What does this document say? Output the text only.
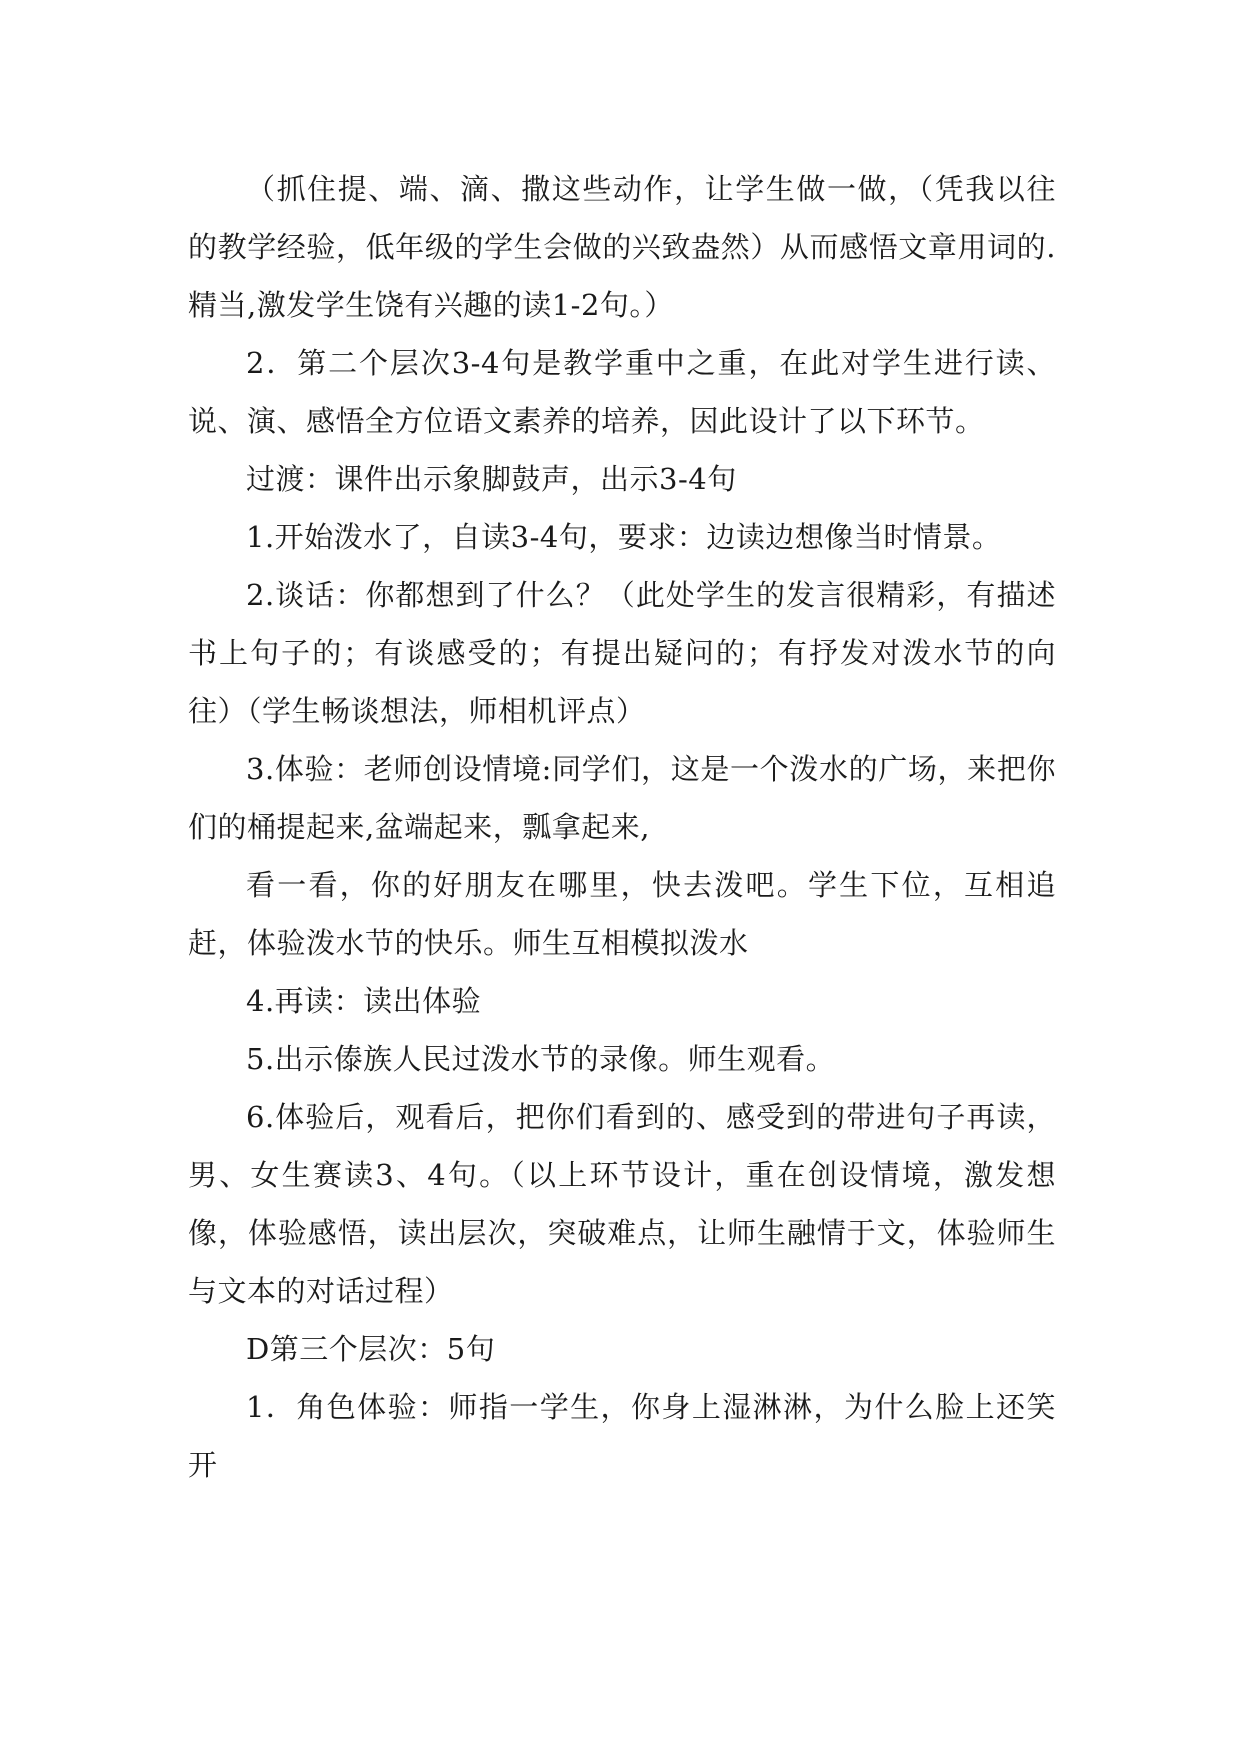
（抓住提、端、滴、撒这些动作，让学生做一做，（凭我以往的教学经验，低年级的学生会做的兴致盎然）从而感悟文章用词的.精当,激发学生饶有兴趣的读1-2句。）

2．第二个层次3-4句是教学重中之重，在此对学生进行读、说、演、感悟全方位语文素养的培养，因此设计了以下环节。

过渡：课件出示象脚鼓声，出示3-4句

1.开始泼水了，自读3-4句，要求：边读边想像当时情景。

2.谈话：你都想到了什么？（此处学生的发言很精彩，有描述书上句子的；有谈感受的；有提出疑问的；有抒发对泼水节的向往）（学生畅谈想法，师相机评点）

3.体验：老师创设情境:同学们，这是一个泼水的广场，来把你们的桶提起来,盆端起来，瓢拿起来,

看一看，你的好朋友在哪里，快去泼吧。学生下位，互相追赶，体验泼水节的快乐。师生互相模拟泼水

4.再读：读出体验

5.出示傣族人民过泼水节的录像。师生观看。

6.体验后，观看后，把你们看到的、感受到的带进句子再读，男、女生赛读3、4句。（以上环节设计，重在创设情境，激发想像，体验感悟，读出层次，突破难点，让师生融情于文，体验师生与文本的对话过程）

D第三个层次：5句

1．角色体验：师指一学生，你身上湿淋淋，为什么脸上还笑开
